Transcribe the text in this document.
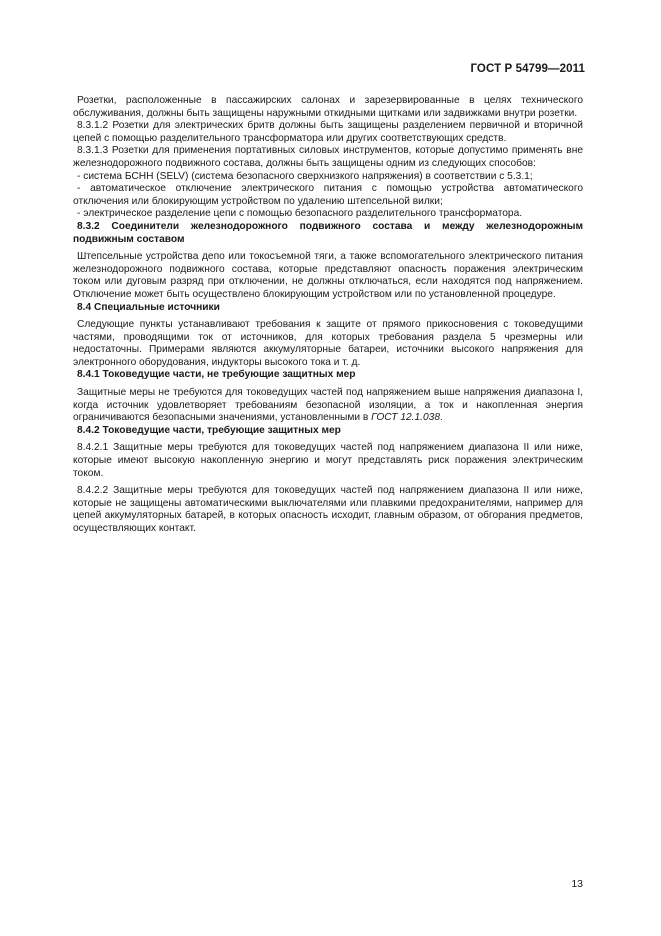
ГОСТ Р 54799—2011

Розетки, расположенные в пассажирских салонах и зарезервированные в целях технического обслуживания, должны быть защищены наружными откидными щитками или задвижками внутри розетки.

8.3.1.2 Розетки для электрических бритв должны быть защищены разделением первичной и вторичной цепей с помощью разделительного трансформатора или других соответствующих средств.

8.3.1.3 Розетки для применения портативных силовых инструментов, которые допустимо применять вне железнодорожного подвижного состава, должны быть защищены одним из следующих способов:

- система БСНН (SELV) (система безопасного сверхнизкого напряжения) в соответствии с 5.3.1;

- автоматическое отключение электрического питания с помощью устройства автоматического отключения или блокирующим устройством по удалению штепсельной вилки;

- электрическое разделение цепи с помощью безопасного разделительного трансформатора.

8.3.2 Соединители железнодорожного подвижного состава и между железнодорожным подвижным составом

Штепсельные устройства депо или токосъемной тяги, а также вспомогательного электрического питания железнодорожного подвижного состава, которые представляют опасность поражения электрическим током или дуговым разряд при отключении, не должны отключаться, если находятся под напряжением. Отключение может быть осуществлено блокирующим устройством или по установленной процедуре.

8.4 Специальные источники

Следующие пункты устанавливают требования к защите от прямого прикосновения с токоведущими частями, проводящими ток от источников, для которых требования раздела 5 чрезмерны или недостаточны. Примерами являются аккумуляторные батареи, источники высокого напряжения для электронного оборудования, индукторы высокого тока и т. д.

8.4.1 Токоведущие части, не требующие защитных мер

Защитные меры не требуются для токоведущих частей под напряжением выше напряжения диапазона I, когда источник удовлетворяет требованиям безопасной изоляции, а ток и накопленная энергия ограничиваются безопасными значениями, установленными в ГОСТ 12.1.038.

8.4.2 Токоведущие части, требующие защитных мер

8.4.2.1 Защитные меры требуются для токоведущих частей под напряжением диапазона II или ниже, которые имеют высокую накопленную энергию и могут представлять риск поражения электрическим током.

8.4.2.2 Защитные меры требуются для токоведущих частей под напряжением диапазона II или ниже, которые не защищены автоматическими выключателями или плавкими предохранителями, например для цепей аккумуляторных батарей, в которых опасность исходит, главным образом, от обгорания предметов, осуществляющих контакт.

13
